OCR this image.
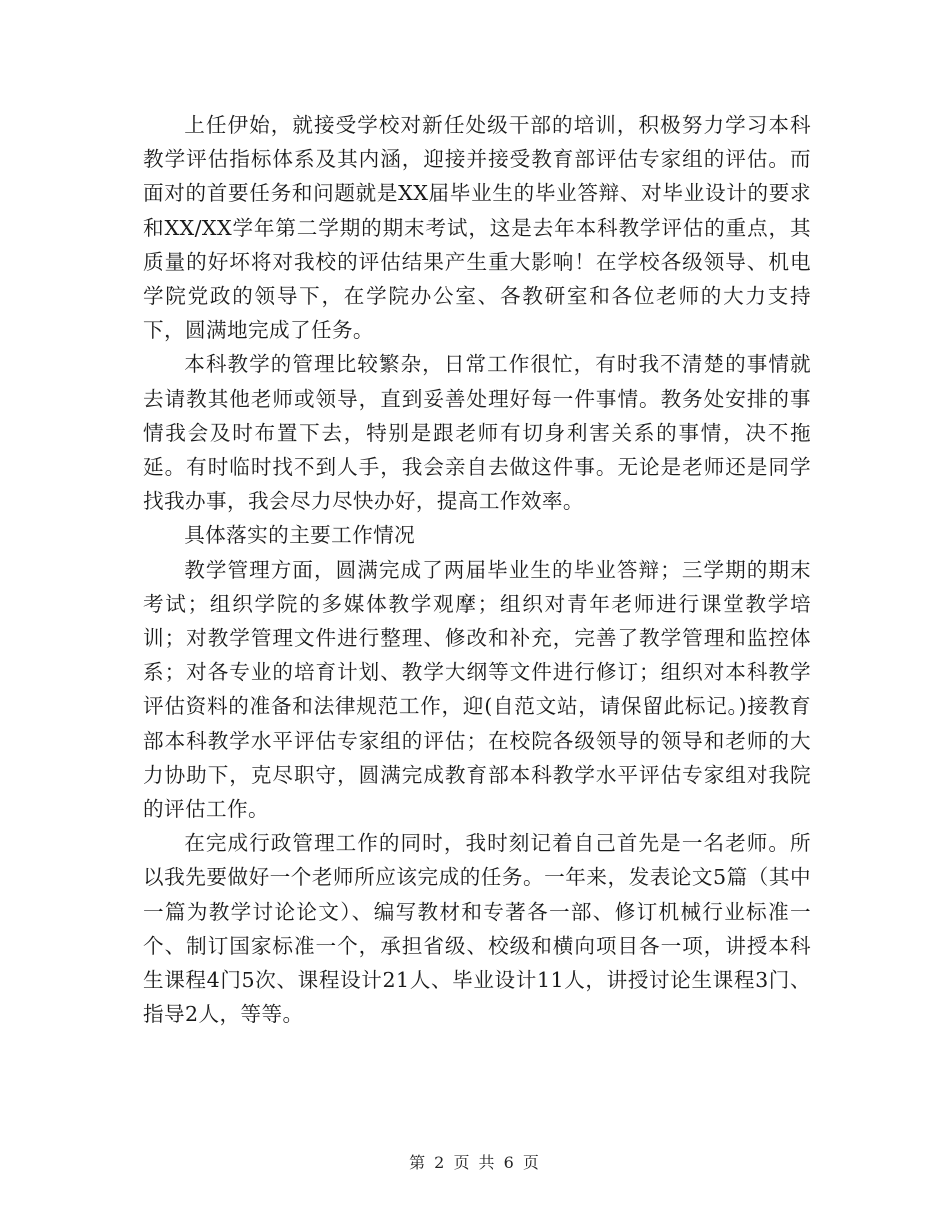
上任伊始，就接受学校对新任处级干部的培训，积极努力学习本科教学评估指标体系及其内涵，迎接并接受教育部评估专家组的评估。而面对的首要任务和问题就是XX届毕业生的毕业答辩、对毕业设计的要求和XX/XX学年第二学期的期末考试，这是去年本科教学评估的重点，其质量的好坏将对我校的评估结果产生重大影响！在学校各级领导、机电学院党政的领导下，在学院办公室、各教研室和各位老师的大力支持下，圆满地完成了任务。

本科教学的管理比较繁杂，日常工作很忙，有时我不清楚的事情就去请教其他老师或领导，直到妥善处理好每一件事情。教务处安排的事情我会及时布置下去，特别是跟老师有切身利害关系的事情，决不拖延。有时临时找不到人手，我会亲自去做这件事。无论是老师还是同学找我办事，我会尽力尽快办好，提高工作效率。

具体落实的主要工作情况

教学管理方面，圆满完成了两届毕业生的毕业答辩；三学期的期末考试；组织学院的多媒体教学观摩；组织对青年老师进行课堂教学培训；对教学管理文件进行整理、修改和补充，完善了教学管理和监控体系；对各专业的培育计划、教学大纲等文件进行修订；组织对本科教学评估资料的准备和法律规范工作，迎(自范文站，请保留此标记。)接教育部本科教学水平评估专家组的评估；在校院各级领导的领导和老师的大力协助下，克尽职守，圆满完成教育部本科教学水平评估专家组对我院的评估工作。

在完成行政管理工作的同时，我时刻记着自己首先是一名老师。所以我先要做好一个老师所应该完成的任务。一年来，发表论文5篇（其中一篇为教学讨论论文）、编写教材和专著各一部、修订机械行业标准一个、制订国家标准一个，承担省级、校级和横向项目各一项，讲授本科生课程4门5次、课程设计21人、毕业设计11人，讲授讨论生课程3门、指导2人，等等。

第 2 页 共 6 页
